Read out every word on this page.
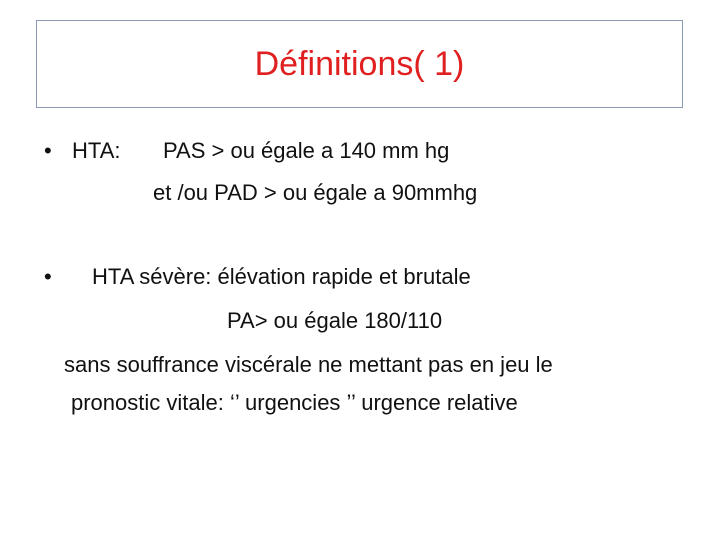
Définitions( 1)
• HTA: PAS > ou égale a 140 mm hg
et /ou PAD > ou égale a 90mmhg
• HTA sévère: élévation rapide et brutale
PA> ou égale 180/110
sans souffrance viscérale ne mettant pas en jeu le
pronostic vitale: ‘’ urgencies ’’ urgence relative
